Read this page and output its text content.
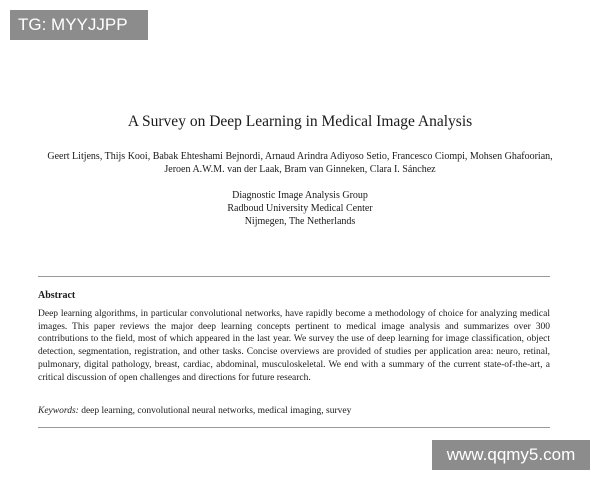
TG: MYYJJPP
A Survey on Deep Learning in Medical Image Analysis
Geert Litjens, Thijs Kooi, Babak Ehteshami Bejnordi, Arnaud Arindra Adiyoso Setio, Francesco Ciompi, Mohsen Ghafoorian, Jeroen A.W.M. van der Laak, Bram van Ginneken, Clara I. Sánchez
Diagnostic Image Analysis Group
Radboud University Medical Center
Nijmegen, The Netherlands
Abstract
Deep learning algorithms, in particular convolutional networks, have rapidly become a methodology of choice for analyzing medical images. This paper reviews the major deep learning concepts pertinent to medical image analysis and summarizes over 300 contributions to the field, most of which appeared in the last year. We survey the use of deep learning for image classification, object detection, segmentation, registration, and other tasks. Concise overviews are provided of studies per application area: neuro, retinal, pulmonary, digital pathology, breast, cardiac, abdominal, musculoskeletal. We end with a summary of the current state-of-the-art, a critical discussion of open challenges and directions for future research.
Keywords: deep learning, convolutional neural networks, medical imaging, survey
www.qqmy5.com
